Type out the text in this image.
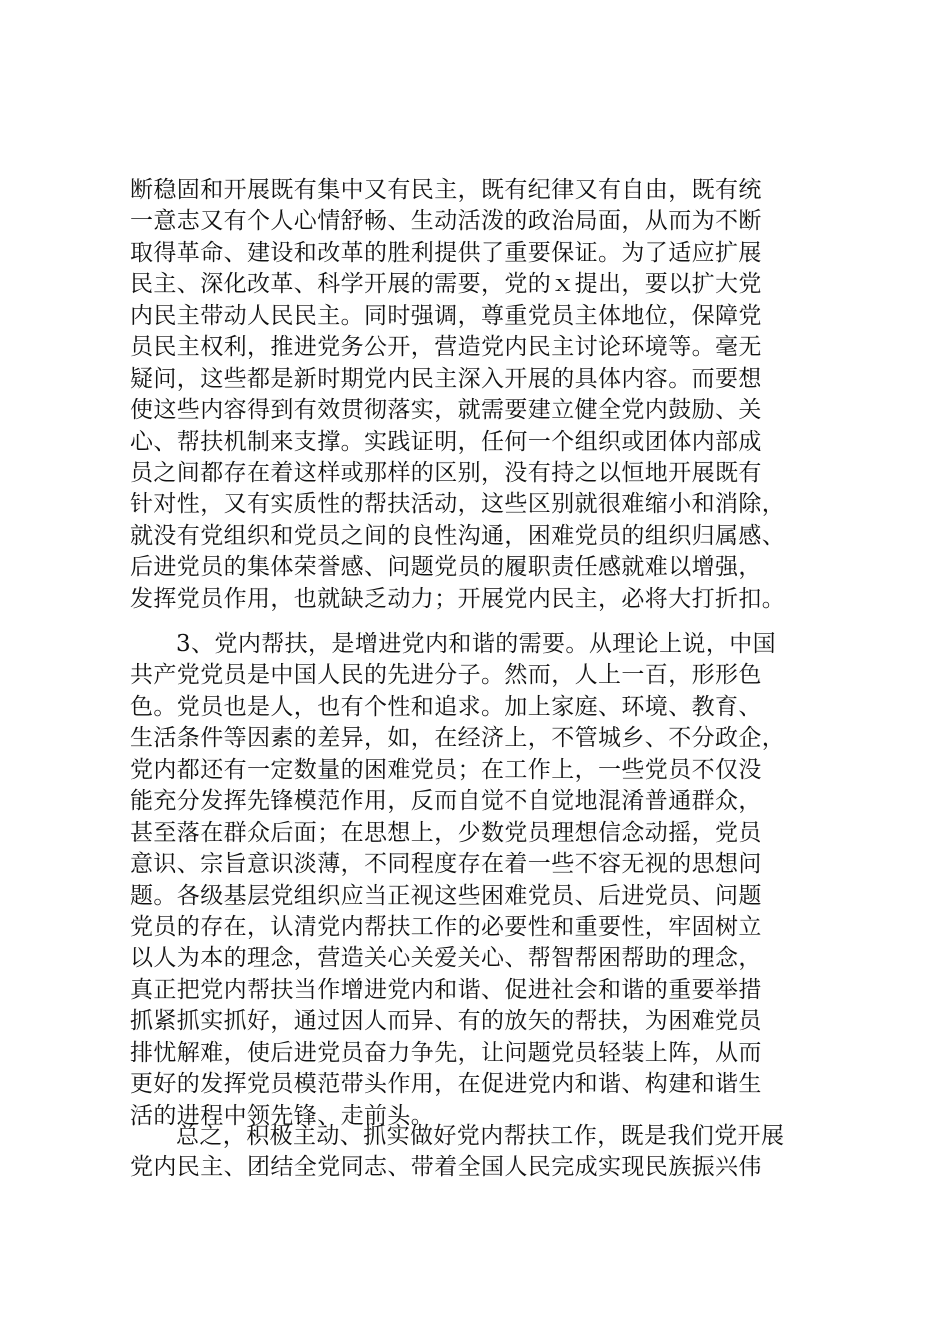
断稳固和开展既有集中又有民主，既有纪律又有自由，既有统
一意志又有个人心情舒畅、生动活泼的政治局面，从而为不断
取得革命、建设和改革的胜利提供了重要保证。为了适应扩展
民主、深化改革、科学开展的需要，党的ｘ提出，要以扩大党
内民主带动人民民主。同时强调，尊重党员主体地位，保障党
员民主权利，推进党务公开，营造党内民主讨论环境等。毫无
疑问，这些都是新时期党内民主深入开展的具体内容。而要想
使这些内容得到有效贯彻落实，就需要建立健全党内鼓励、关
心、帮扶机制来支撑。实践证明，任何一个组织或团体内部成
员之间都存在着这样或那样的区别，没有持之以恒地开展既有
针对性，又有实质性的帮扶活动，这些区别就很难缩小和消除，
就没有党组织和党员之间的良性沟通，困难党员的组织归属感、
后进党员的集体荣誉感、问题党员的履职责任感就难以增强，
发挥党员作用，也就缺乏动力；开展党内民主，必将大打折扣。
3、党内帮扶，是增进党内和谐的需要。从理论上说，中国
共产党党员是中国人民的先进分子。然而，人上一百，形形色
色。党员也是人，也有个性和追求。加上家庭、环境、教育、
生活条件等因素的差异，如，在经济上，不管城乡、不分政企，
党内都还有一定数量的困难党员；在工作上，一些党员不仅没
能充分发挥先锋模范作用，反而自觉不自觉地混淆普通群众，
甚至落在群众后面；在思想上，少数党员理想信念动摇，党员
意识、宗旨意识淡薄，不同程度存在着一些不容无视的思想问
题。各级基层党组织应当正视这些困难党员、后进党员、问题
党员的存在，认清党内帮扶工作的必要性和重要性，牢固树立
以人为本的理念，营造关心关爱关心、帮智帮困帮助的理念，
真正把党内帮扶当作增进党内和谐、促进社会和谐的重要举措
抓紧抓实抓好，通过因人而异、有的放矢的帮扶，为困难党员
排忧解难，使后进党员奋力争先，让问题党员轻装上阵，从而
更好的发挥党员模范带头作用，在促进党内和谐、构建和谐生
活的进程中领先锋、走前头。
总之，积极主动、抓实做好党内帮扶工作，既是我们党开展
党内民主、团结全党同志、带着全国人民完成实现民族振兴伟
